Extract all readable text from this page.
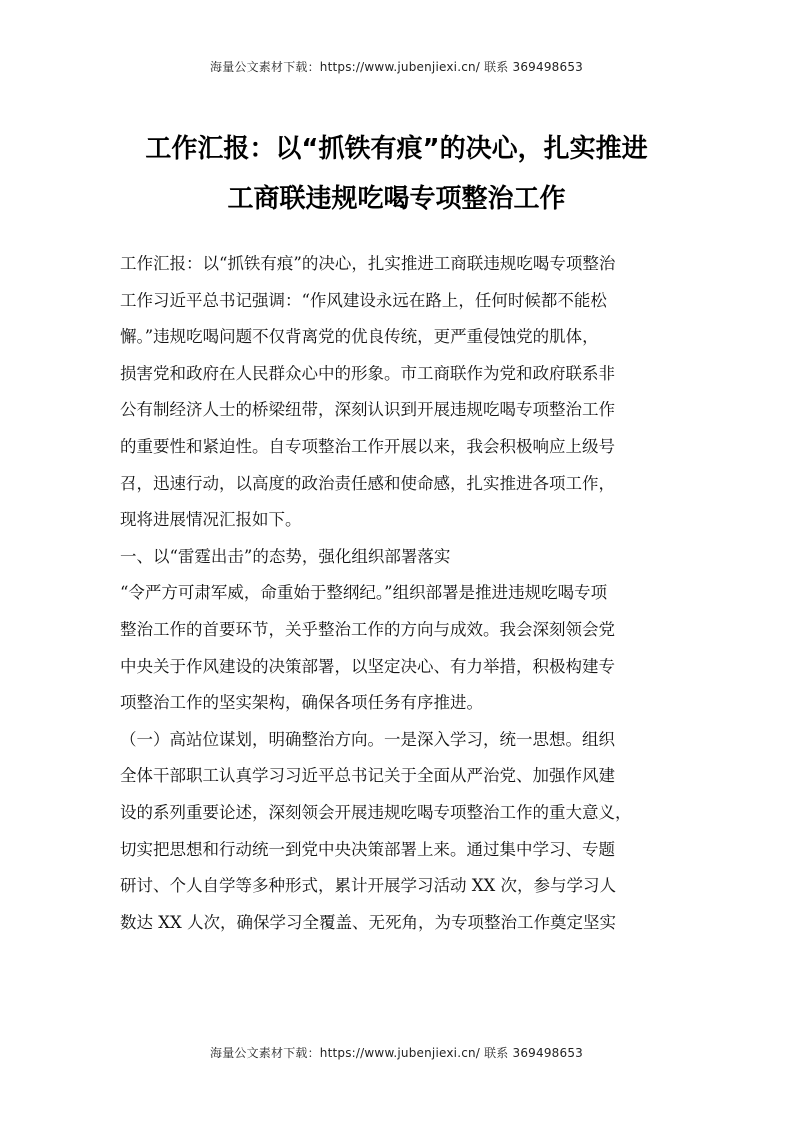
海量公文素材下载：https://www.jubenjiexi.cn/ 联系 369498653
工作汇报：以“抓铁有痕”的决心，扎实推进
工商联违规吃喝专项整治工作
工作汇报：以“抓铁有痕”的决心，扎实推进工商联违规吃喝专项整治
工作习近平总书记强调：“作风建设永远在路上，任何时候都不能松
懈。”违规吃喝问题不仅背离党的优良传统，更严重侵蚀党的肌体，
损害党和政府在人民群众心中的形象。市工商联作为党和政府联系非
公有制经济人士的桥梁纽带，深刻认识到开展违规吃喝专项整治工作
的重要性和紧迫性。自专项整治工作开展以来，我会积极响应上级号
召，迅速行动，以高度的政治责任感和使命感，扎实推进各项工作，
现将进展情况汇报如下。
一、以“雷霆出击”的态势，强化组织部署落实
“令严方可肃军威，命重始于整纲纪。”组织部署是推进违规吃喝专项
整治工作的首要环节，关乎整治工作的方向与成效。我会深刻领会党
中央关于作风建设的决策部署，以坚定决心、有力举措，积极构建专
项整治工作的坚实架构，确保各项任务有序推进。
（一）高站位谋划，明确整治方向。一是深入学习，统一思想。组织
全体干部职工认真学习习近平总书记关于全面从严治党、加强作风建
设的系列重要论述，深刻领会开展违规吃喝专项整治工作的重大意义，
切实把思想和行动统一到党中央决策部署上来。通过集中学习、专题
研讨、个人自学等多种形式，累计开展学习活动 XX 次，参与学习人
数达 XX 人次，确保学习全覆盖、无死角，为专项整治工作奠定坚实
海量公文素材下载：https://www.jubenjiexi.cn/ 联系 369498653
